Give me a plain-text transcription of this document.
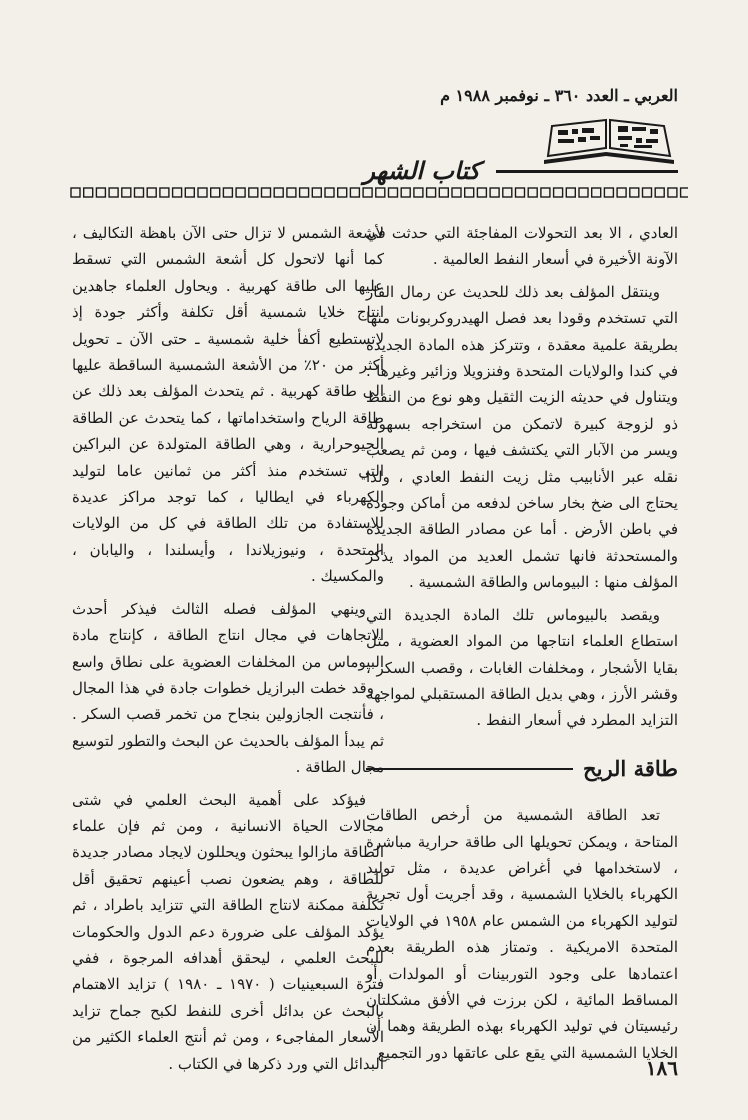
العربي ـ العدد ٣٦٠ ـ نوفمبر ١٩٨٨ م
كتاب الشهر

العادي ، الا بعد التحولات المفاجئة التي حدثت في الآونة الأخيرة في أسعار النفط العالمية .

وينتقل المؤلف بعد ذلك للحديث عن رمال القار التي تستخدم وقودا بعد فصل الهيدروكربونات منها بطريقة علمية معقدة ، وتتركز هذه المادة الجديدة في كندا والولايات المتحدة وفنزويلا وزائير وغيرها . ويتناول في حديثه الزيت الثقيل وهو نوع من النفط ذو لزوجة كبيرة لاتمكن من استخراجه بسهولة ويسر من الآبار التي يكتشف فيها ، ومن ثم يصعب نقله عبر الأنابيب مثل زيت النفط العادي ، ولذا يحتاج الى ضخ بخار ساخن لدفعه من أماكن وجوده في باطن الأرض . أما عن مصادر الطاقة الجديدة والمستحدثة فانها تشمل العديد من المواد يذكر المؤلف منها : البيوماس والطاقة الشمسية .

ويقصد بالبيوماس تلك المادة الجديدة التي استطاع العلماء انتاجها من المواد العضوية ، مثل بقايا الأشجار ، ومخلفات الغابات ، وقصب السكر ، وقشر الأرز ، وهي بديل الطاقة المستقبلي لمواجهة التزايد المطرد في أسعار النفط .

طاقة الريح

تعد الطاقة الشمسية من أرخص الطاقات المتاحة ، ويمكن تحويلها الى طاقة حرارية مباشرة ، لاستخدامها في أغراض عديدة ، مثل توليد الكهرباء بالخلايا الشمسية ، وقد أجريت أول تجربة لتوليد الكهرباء من الشمس عام ١٩٥٨ في الولايات المتحدة الامريكية . وتمتاز هذه الطريقة بعدم اعتمادها على وجود التوربينات أو المولدات أو المساقط المائية ، لكن برزت في الأفق مشكلتان رئيسيتان في توليد الكهرباء بهذه الطريقة وهما أن الخلايا الشمسية التي يقع على عاتقها دور التجميع

لأشعة الشمس لا تزال حتى الآن باهظة التكاليف ، كما أنها لاتحول كل أشعة الشمس التي تسقط عليها الى طاقة كهربية . ويحاول العلماء جاهدين انتاج خلايا شمسية أقل تكلفة وأكثر جودة إذ لاتستطيع أكفأ خلية شمسية ـ حتى الآن ـ تحويل أكثر من ٢٠٪ من الأشعة الشمسية الساقطة عليها الى طاقة كهربية . ثم يتحدث المؤلف بعد ذلك عن طاقة الرياح واستخداماتها ، كما يتحدث عن الطاقة الجيوحرارية ، وهي الطاقة المتولدة عن البراكين التي تستخدم منذ أكثر من ثمانين عاما لتوليد الكهرباء في ايطاليا ، كما توجد مراكز عديدة للاستفادة من تلك الطاقة في كل من الولايات المتحدة ، ونيوزيلاندا ، وأيسلندا ، واليابان ، والمكسيك .

وينهي المؤلف فصله الثالث فيذكر أحدث الاتجاهات في مجال انتاج الطاقة ، كإنتاج مادة البيوماس من المخلفات العضوية على نطاق واسع . وقد خطت البرازيل خطوات جادة في هذا المجال ، فأنتجت الجازولين بنجاح من تخمر قصب السكر . ثم يبدأ المؤلف بالحديث عن البحث والتطور لتوسيع مجال الطاقة .

فيؤكد على أهمية البحث العلمي في شتى مجالات الحياة الانسانية ، ومن ثم فإن علماء الطاقة مازالوا يبحثون ويحللون لايجاد مصادر جديدة للطاقة ، وهم يضعون نصب أعينهم تحقيق أقل تكلفة ممكنة لانتاج الطاقة التي تتزايد باطراد ، ثم يؤكد المؤلف على ضرورة دعم الدول والحكومات للبحث العلمي ، ليحقق أهدافه المرجوة ، ففي فترة السبعينيات ( ١٩٧٠ ـ ١٩٨٠ ) تزايد الاهتمام بالبحث عن بدائل أخرى للنفط لكبح جماح تزايد الأسعار المفاجىء ، ومن ثم أنتج العلماء الكثير من البدائل التي ورد ذكرها في الكتاب .	١٨٦
